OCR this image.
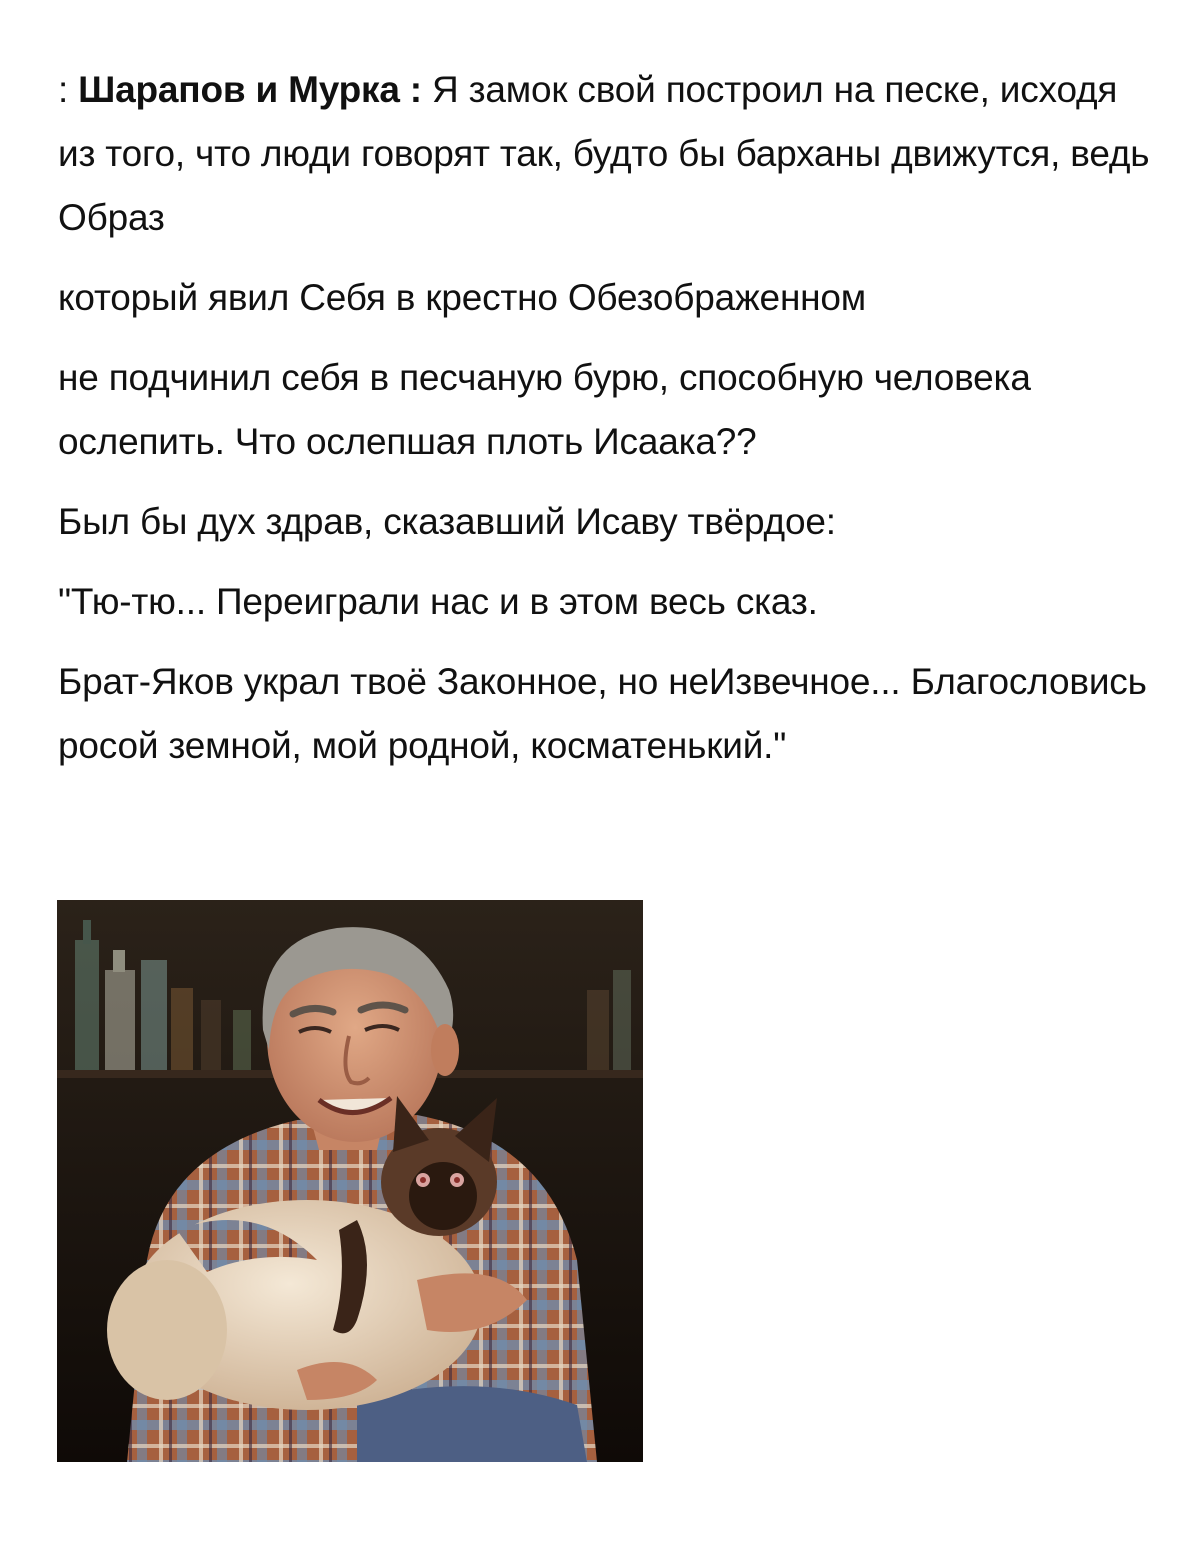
: Шарапов и Мурка : Я замок свой построил на песке, исходя из того, что люди говорят так, будто бы барханы движутся, ведь Образ

который явил Себя в крестно Обезображенном

не подчинил себя в песчаную бурю, способную человека ослепить. Что ослепшая плоть Исаака??

Был бы дух здрав, сказавший Исаву твёрдое:

"Тю-тю... Переиграли нас и в этом весь сказ.

Брат-Яков украл твоё Законное, но неИзвечное... Благословись росой земной, мой родной, косматенький."
